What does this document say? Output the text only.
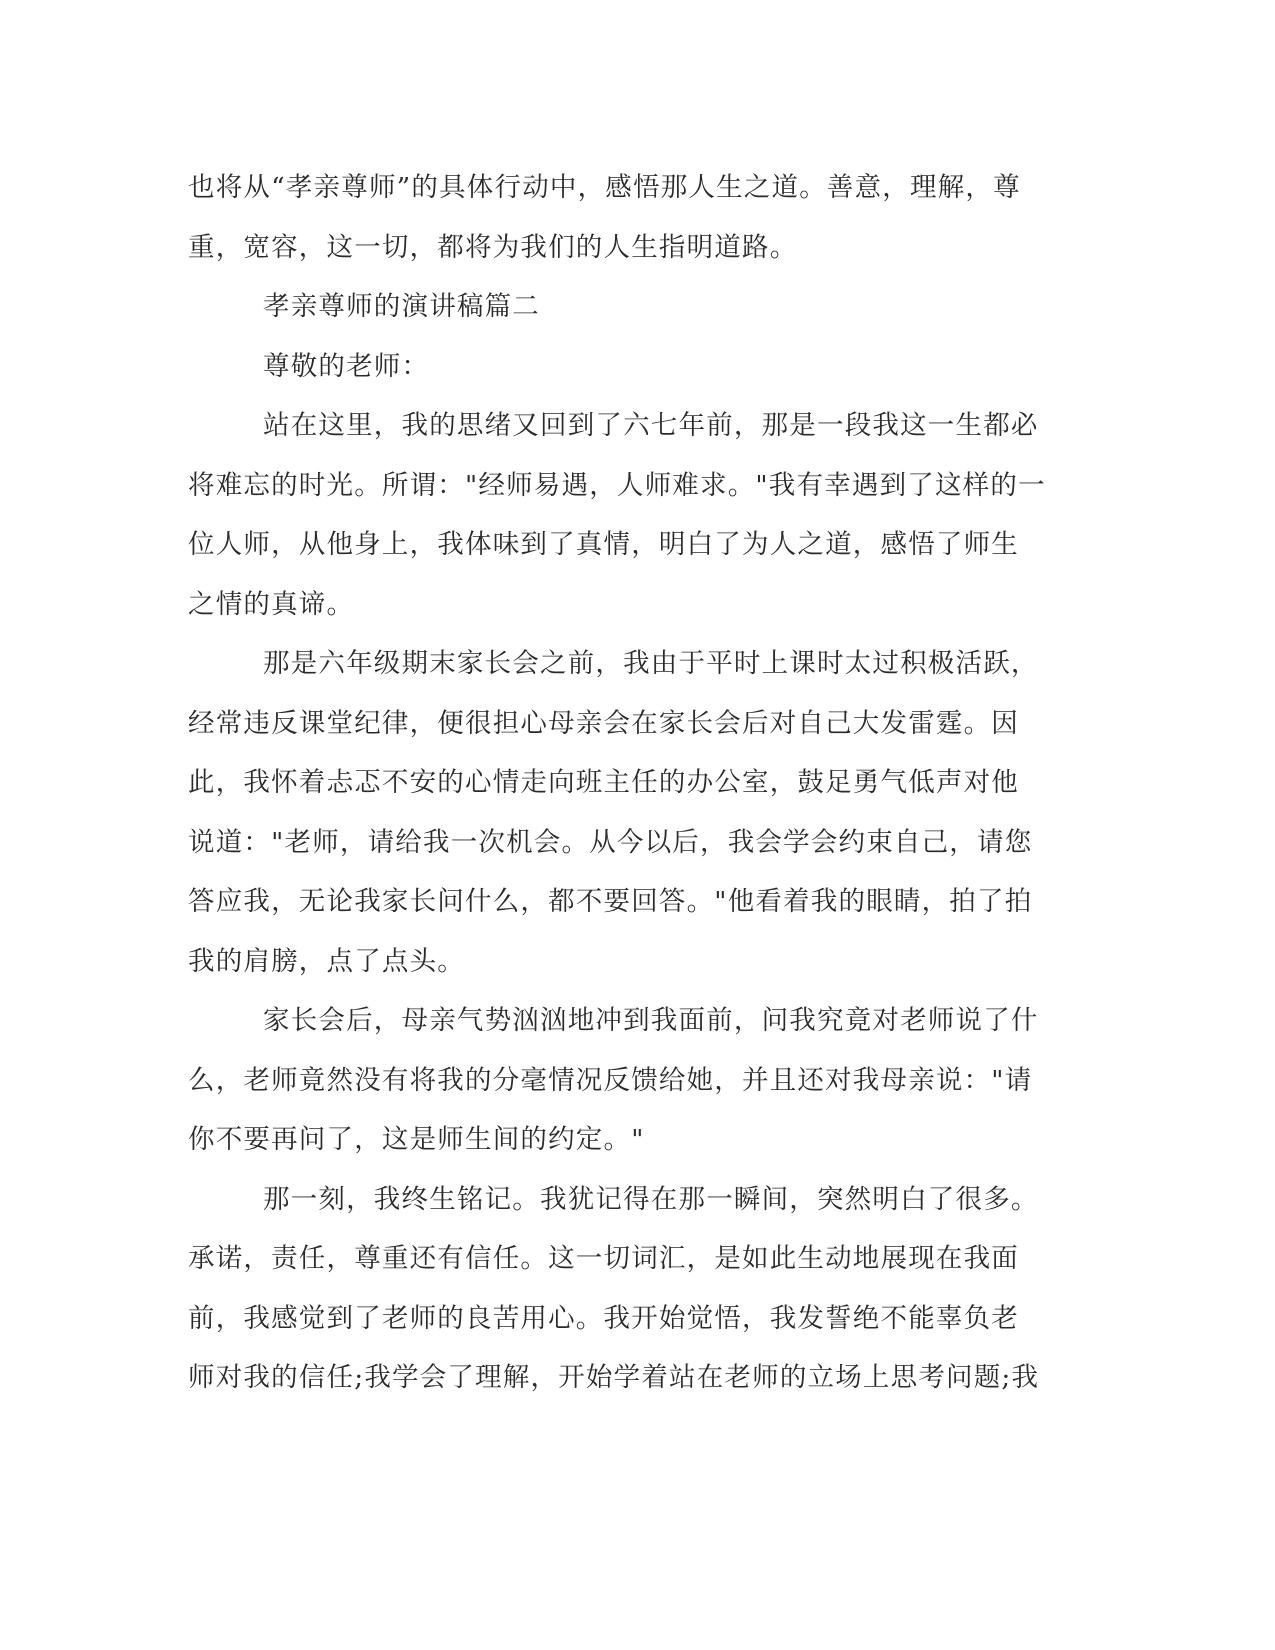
也将从“孝亲尊师”的具体行动中，感悟那人生之道。善意，理解，尊
重，宽容，这一切，都将为我们的人生指明道路。

孝亲尊师的演讲稿篇二

尊敬的老师：

站在这里，我的思绪又回到了六七年前，那是一段我这一生都必
将难忘的时光。所谓："经师易遇，人师难求。"我有幸遇到了这样的一
位人师，从他身上，我体味到了真情，明白了为人之道，感悟了师生
之情的真谛。

那是六年级期末家长会之前，我由于平时上课时太过积极活跃，
经常违反课堂纪律，便很担心母亲会在家长会后对自己大发雷霆。因
此，我怀着忐忑不安的心情走向班主任的办公室，鼓足勇气低声对他
说道："老师，请给我一次机会。从今以后，我会学会约束自己，请您
答应我，无论我家长问什么，都不要回答。"他看着我的眼睛，拍了拍
我的肩膀，点了点头。

家长会后，母亲气势汹汹地冲到我面前，问我究竟对老师说了什
么，老师竟然没有将我的分毫情况反馈给她，并且还对我母亲说："请
你不要再问了，这是师生间的约定。"

那一刻，我终生铭记。我犹记得在那一瞬间，突然明白了很多。
承诺，责任，尊重还有信任。这一切词汇，是如此生动地展现在我面
前，我感觉到了老师的良苦用心。我开始觉悟，我发誓绝不能辜负老
师对我的信任;我学会了理解，开始学着站在老师的立场上思考问题;我
